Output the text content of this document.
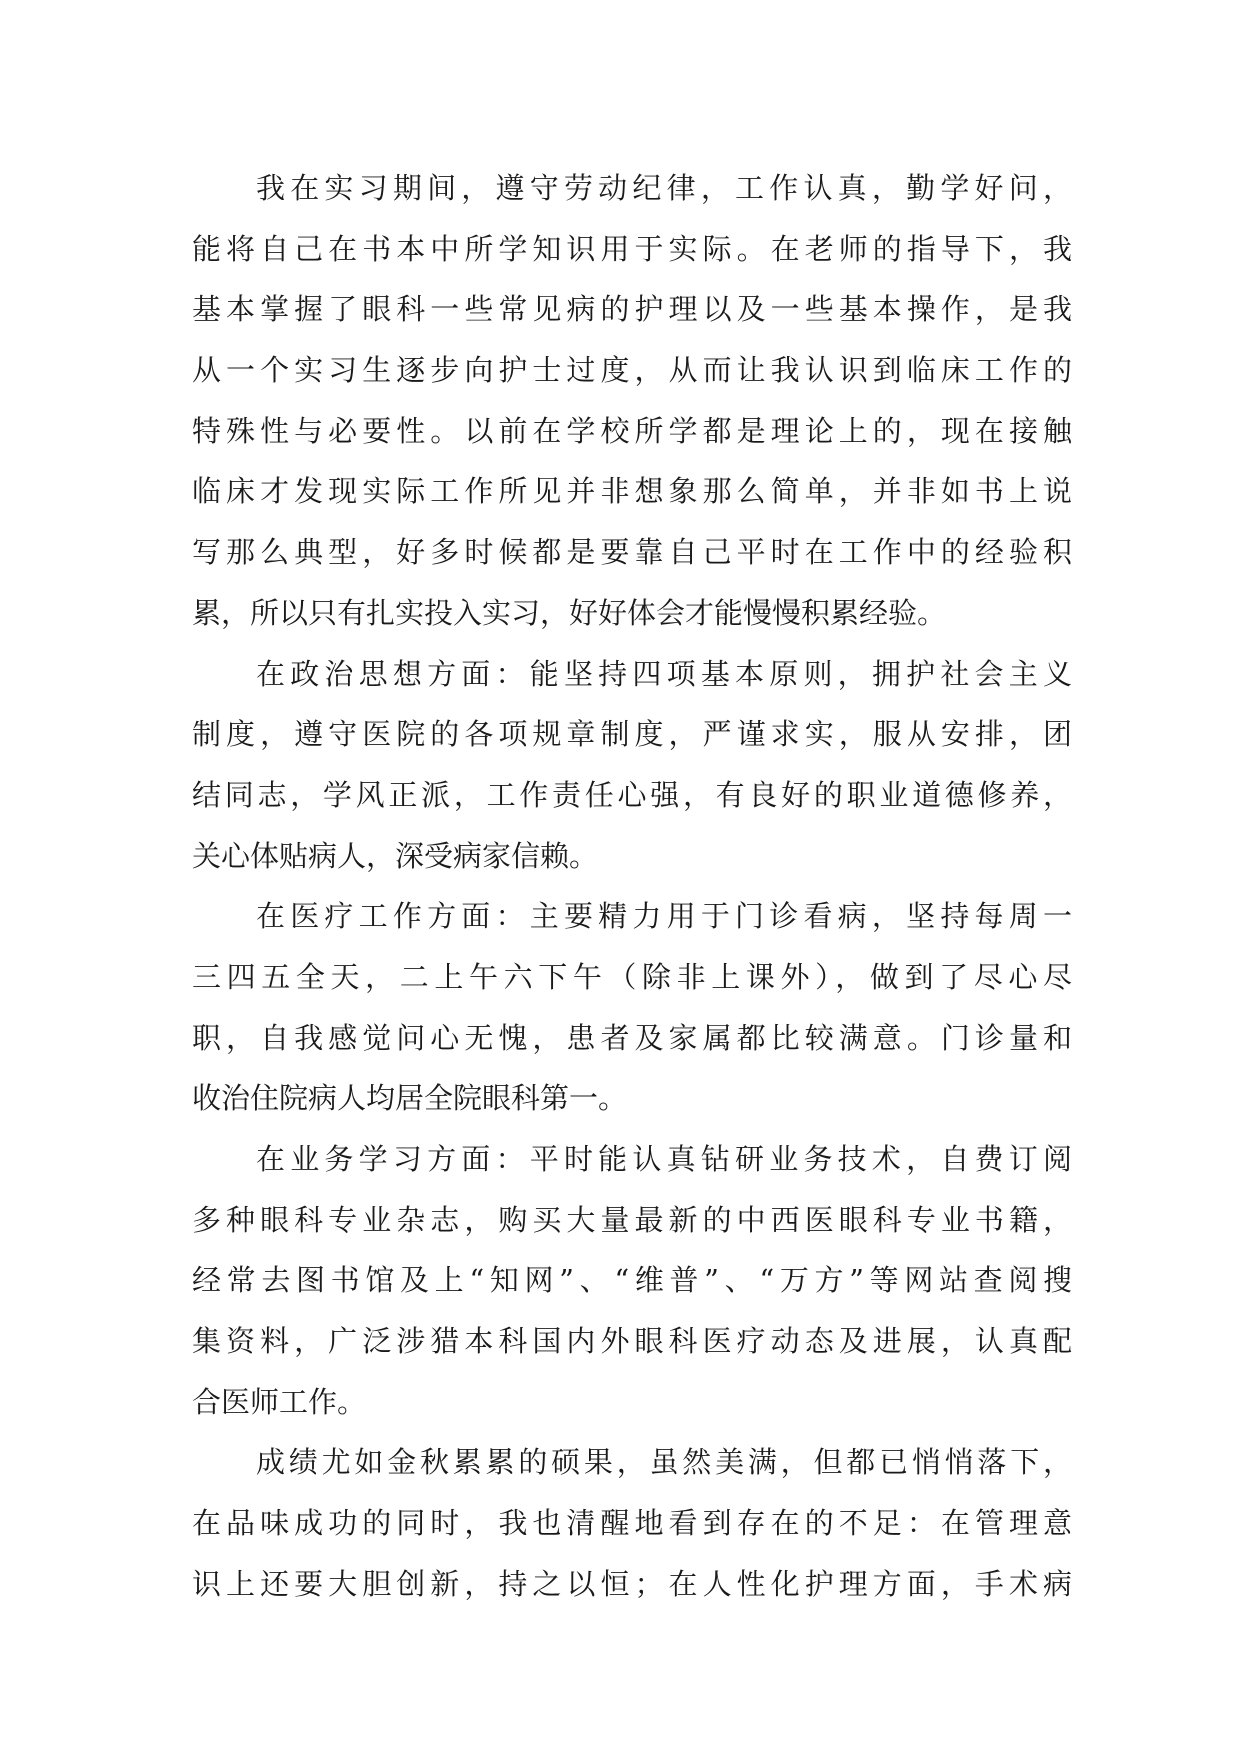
我在实习期间，遵守劳动纪律，工作认真，勤学好问，
能将自己在书本中所学知识用于实际。在老师的指导下，我
基本掌握了眼科一些常见病的护理以及一些基本操作，是我
从一个实习生逐步向护士过度，从而让我认识到临床工作的
特殊性与必要性。以前在学校所学都是理论上的，现在接触
临床才发现实际工作所见并非想象那么简单，并非如书上说
写那么典型，好多时候都是要靠自己平时在工作中的经验积
累，所以只有扎实投入实习，好好体会才能慢慢积累经验。
在政治思想方面：能坚持四项基本原则，拥护社会主义
制度，遵守医院的各项规章制度，严谨求实，服从安排，团
结同志，学风正派，工作责任心强，有良好的职业道德修养，
关心体贴病人，深受病家信赖。
在医疗工作方面：主要精力用于门诊看病，坚持每周一
三四五全天，二上午六下午（除非上课外），做到了尽心尽
职，自我感觉问心无愧，患者及家属都比较满意。门诊量和
收治住院病人均居全院眼科第一。
在业务学习方面：平时能认真钻研业务技术，自费订阅
多种眼科专业杂志，购买大量最新的中西医眼科专业书籍，
经常去图书馆及上“知网”、“维普”、“万方”等网站查阅搜
集资料，广泛涉猎本科国内外眼科医疗动态及进展，认真配
合医师工作。
成绩尤如金秋累累的硕果，虽然美满，但都已悄悄落下，
在品味成功的同时，我也清醒地看到存在的不足：在管理意
识上还要大胆创新，持之以恒；在人性化护理方面，手术病
